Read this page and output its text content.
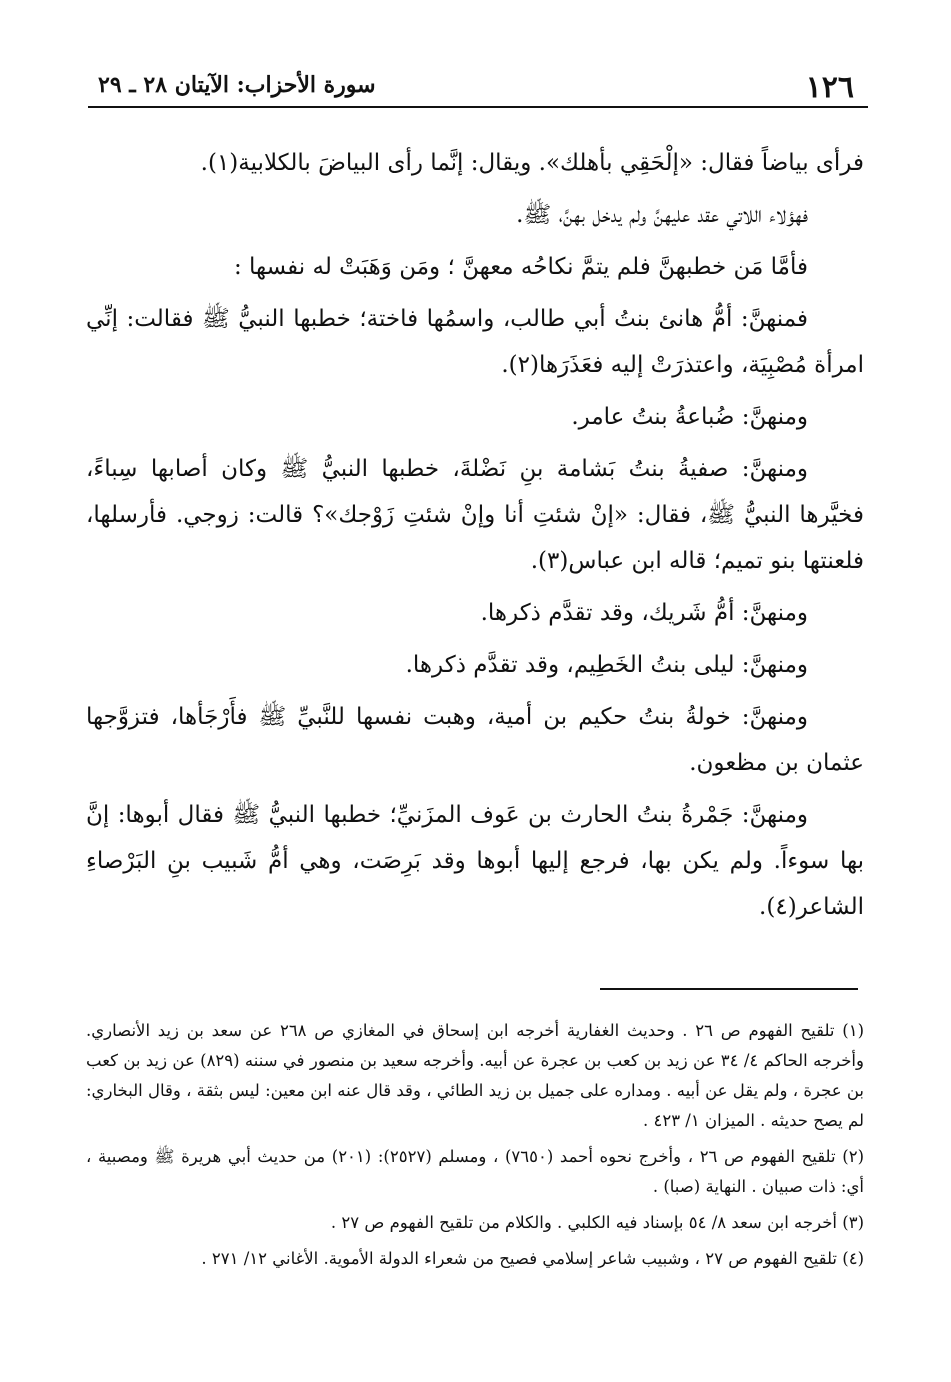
١٢٦
سورة الأحزاب: الآيتان ٢٨ ـ ٢٩

فرأى بياضاً فقال: «إلْحَقِي بأهلك». ويقال: إنَّما رأى البياضَ بالكلابية(١).

فهؤلاء اللاتي عقد عليهنَّ ولم يدخل بهنَّ، ﷺ.

فأمَّا مَن خطبهنَّ فلم يتمَّ نكاحُه معهنَّ ؛ ومَن وَهَبَتْ له نفسها :

فمنهنَّ: أمُّ هانئ بنتُ أبي طالب، واسمُها فاختة؛ خطبها النبيُّ ﷺ فقالت: إنِّي امرأة مُصْبِيَة، واعتذرَتْ إليه فعَذَرَها(٢).

ومنهنَّ: ضُباعةُ بنتُ عامر.

ومنهنَّ: صفيةُ بنتُ بَشامة بنِ نَضْلةَ، خطبها النبيُّ ﷺ وكان أصابها سِباءً، فخيَّرها النبيُّ ﷺ، فقال: «إنْ شئتِ أنا وإنْ شئتِ زَوْجك»؟ قالت: زوجي. فأرسلها، فلعنتها بنو تميم؛ قاله ابن عباس(٣).

ومنهنَّ: أمُّ شَريك، وقد تقدَّم ذكرها.

ومنهنَّ: ليلى بنتُ الخَطِيم، وقد تقدَّم ذكرها.

ومنهنَّ: خولةُ بنتُ حكيم بن أمية، وهبت نفسها للنَّبيِّ ﷺ فأَرْجَأها، فتزوَّجها عثمان بن مظعون.

ومنهنَّ: جَمْرةُ بنتُ الحارث بن عَوف المزَنيِّ؛ خطبها النبيُّ ﷺ فقال أبوها: إنَّ بها سوءاً. ولم يكن بها، فرجع إليها أبوها وقد بَرِصَت، وهي أمُّ شَبيب بنِ البَرْصاءِ الشاعر(٤).

(١) تلقيح الفهوم ص ٢٦ . وحديث الغفارية أخرجه ابن إسحاق في المغازي ص ٢٦٨ عن سعد بن زيد الأنصاري. وأخرجه الحاكم ٤/ ٣٤ عن زيد بن كعب بن عجرة عن أبيه. وأخرجه سعيد بن منصور في سننه (٨٢٩) عن زيد بن كعب بن عجرة ، ولم يقل عن أبيه . ومداره على جميل بن زيد الطائي ، وقد قال عنه ابن معين: ليس بثقة ، وقال البخاري: لم يصح حديثه . الميزان ١/ ٤٢٣ .

(٢) تلقيح الفهوم ص ٢٦ ، وأخرج نحوه أحمد (٧٦٥٠) ، ومسلم (٢٥٢٧): (٢٠١) من حديث أبي هريرة ﷺ ومصبية ، أي: ذات صبيان . النهاية (صبا) .

(٣) أخرجه ابن سعد ٨/ ٥٤ بإسناد فيه الكلبي . والكلام من تلقيح الفهوم ص ٢٧ .

(٤) تلقيح الفهوم ص ٢٧ ، وشبيب شاعر إسلامي فصيح من شعراء الدولة الأموية. الأغاني ١٢/ ٢٧١ .
